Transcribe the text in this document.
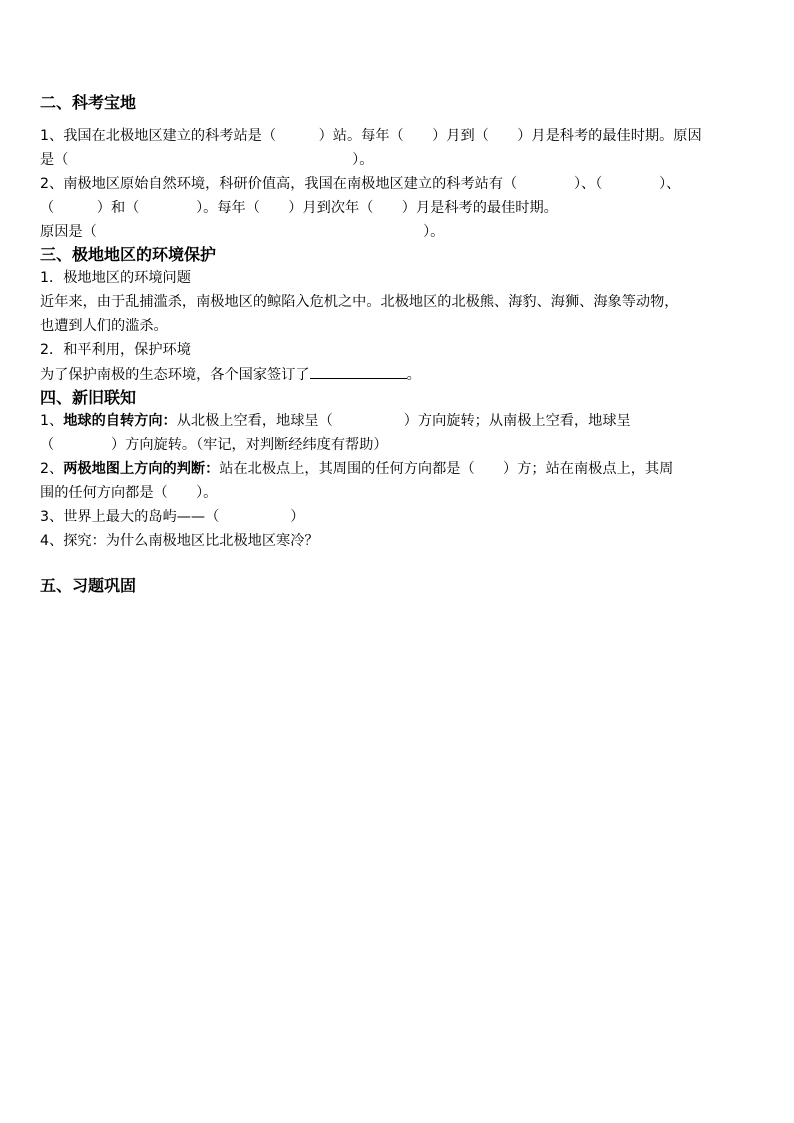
二、科考宝地

1、我国在北极地区建立的科考站是（　　　）站。每年（　　）月到（　　）月是科考的最佳时期。原因

是（　　　　　　　　　　　　　　　　　　　　）。

2、南极地区原始自然环境，科研价值高，我国在南极地区建立的科考站有（　　　　）、（　　　　）、

（　　　）和（　　　　）。每年（　　）月到次年（　　）月是科考的最佳时期。

原因是（　　　　　　　　　　　　　　　　　　　　　　　）。

三、极地地区的环境保护

1．极地地区的环境问题

近年来，由于乱捕滥杀，南极地区的鲸陷入危机之中。北极地区的北极熊、海豹、海狮、海象等动物，

也遭到人们的滥杀。

2．和平利用，保护环境

为了保护南极的生态环境，各个国家签订了	。

四、新旧联知

1、地球的自转方向：从北极上空看，地球呈（　　　　　）方向旋转；从南极上空看，地球呈

（　　　　）方向旋转。（牢记，对判断经纬度有帮助）

2、两极地图上方向的判断：站在北极点上，其周围的任何方向都是（　　）方；站在南极点上，其周

围的任何方向都是（　　）。

3、世界上最大的岛屿——（　　　　　）

4、探究：为什么南极地区比北极地区寒冷？

五、习题巩固
